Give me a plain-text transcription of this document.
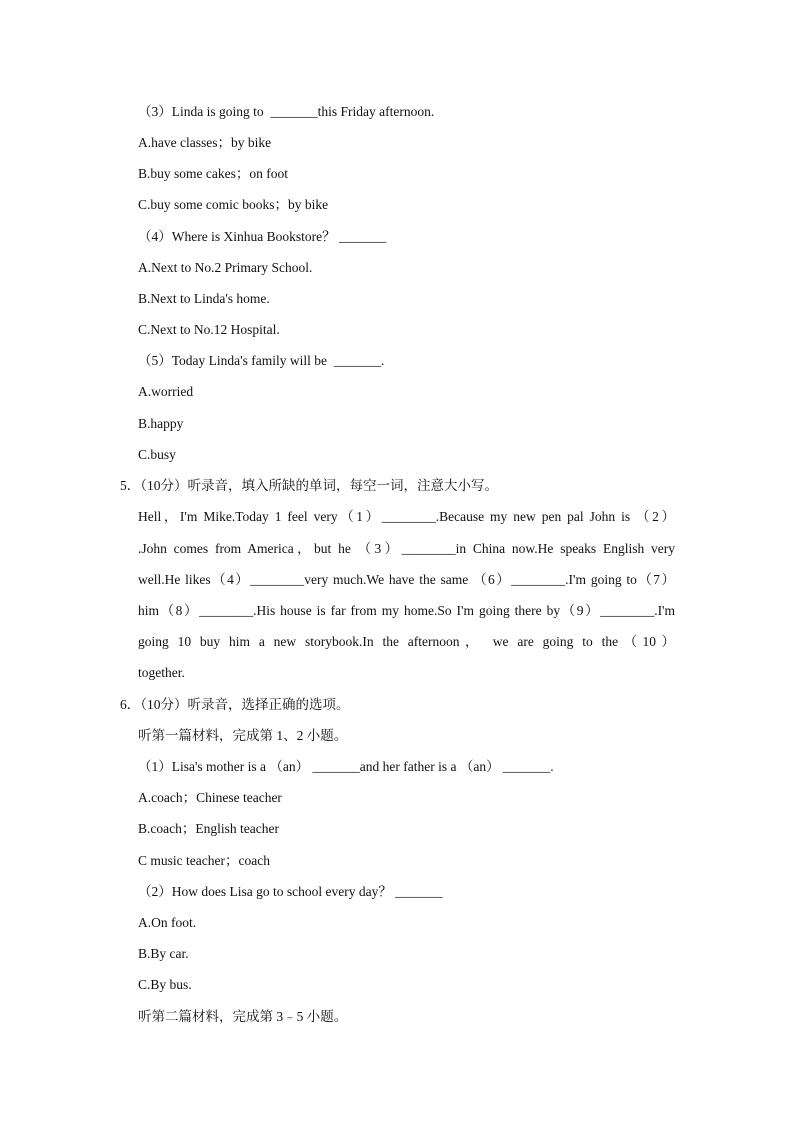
（3）Linda is going to  _______this Friday afternoon.
A.have classes；by bike
B.buy some cakes；on foot
C.buy some comic books；by bike
（4）Where is Xinhua Bookstore？ _______
A.Next to No.2 Primary School.
B.Next to Linda's home.
C.Next to No.12 Hospital.
（5）Today Linda's family will be  _______.
A.worried
B.happy
C.busy
5．（10分）听录音，填入所缺的单词，每空一词，注意大小写。
Hell，I'm Mike.Today 1 feel very（1）________.Because my new pen pal John is （2）
.John comes from America，but he （3）________in China now.He speaks English very
well.He likes（4）________very much.We have the same （6）________.I'm going to（7）
him（8）________.His house is far from my home.So I'm going there by（9）________.I'm
going 10 buy him a new storybook.In the afternoon， we are going to the（10）
together.
6．（10分）听录音，选择正确的选项。
听第一篇材料，完成第 1、2 小题。
（1）Lisa's mother is a （an） _______and her father is a （an） _______.
A.coach；Chinese teacher
B.coach；English teacher
C music teacher；coach
（2）How does Lisa go to school every day？ _______
A.On foot.
B.By car.
C.By bus.
听第二篇材料，完成第 3﹣5 小题。
